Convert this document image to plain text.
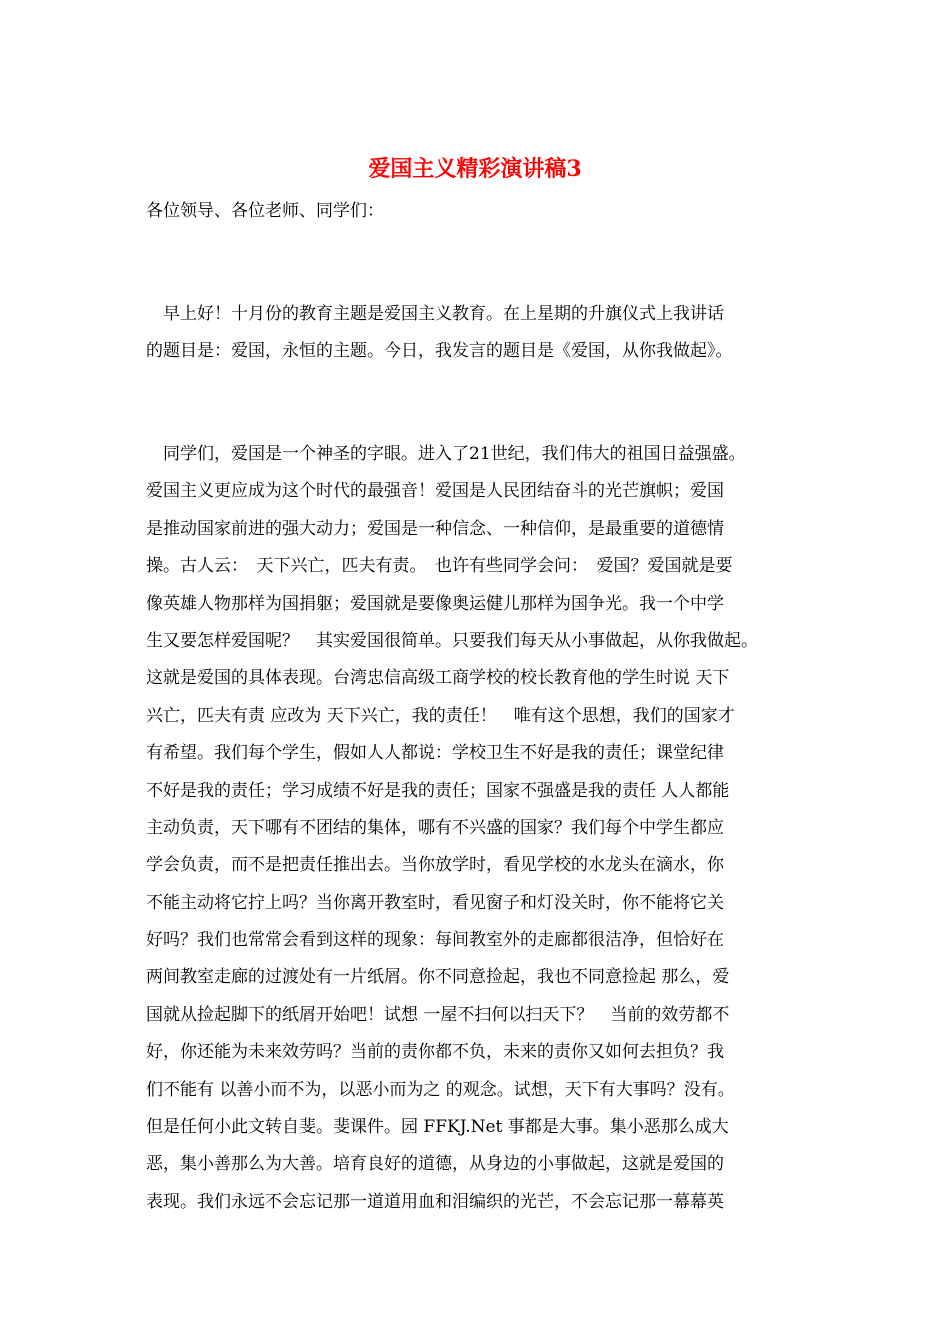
爱国主义精彩演讲稿3

各位领导、各位老师、同学们：

　早上好！十月份的教育主题是爱国主义教育。在上星期的升旗仪式上我讲话
的题目是：爱国，永恒的主题。今日，我发言的题目是《爱国，从你我做起》。
　同学们，爱国是一个神圣的字眼。进入了21世纪，我们伟大的祖国日益强盛。
爱国主义更应成为这个时代的最强音！爱国是人民团结奋斗的光芒旗帜；爱国
是推动国家前进的强大动力；爱国是一种信念、一种信仰，是最重要的道德情
操。古人云：　天下兴亡，匹夫有责。　也许有些同学会问：　爱国？爱国就是要
像英雄人物那样为国捐躯；爱国就是要像奥运健儿那样为国争光。我一个中学
生又要怎样爱国呢？　其实爱国很简单。只要我们每天从小事做起，从你我做起。
这就是爱国的具体表现。台湾忠信高级工商学校的校长教育他的学生时说 天下
兴亡，匹夫有责 应改为 天下兴亡，我的责任！　唯有这个思想，我们的国家才
有希望。我们每个学生，假如人人都说：学校卫生不好是我的责任；课堂纪律
不好是我的责任；学习成绩不好是我的责任；国家不强盛是我的责任 人人都能
主动负责，天下哪有不团结的集体，哪有不兴盛的国家？我们每个中学生都应
学会负责，而不是把责任推出去。当你放学时，看见学校的水龙头在滴水，你
不能主动将它拧上吗？当你离开教室时，看见窗子和灯没关时，你不能将它关
好吗？我们也常常会看到这样的现象：每间教室外的走廊都很洁净，但恰好在
两间教室走廊的过渡处有一片纸屑。你不同意捡起，我也不同意捡起 那么，爱
国就从捡起脚下的纸屑开始吧！试想 一屋不扫何以扫天下？　当前的效劳都不
好，你还能为未来效劳吗？当前的责你都不负，未来的责你又如何去担负？我
们不能有 以善小而不为，以恶小而为之 的观念。试想，天下有大事吗？没有。
但是任何小此文转自斐。斐课件。园 FFKJ.Net 事都是大事。集小恶那么成大
恶，集小善那么为大善。培育良好的道德，从身边的小事做起，这就是爱国的
表现。我们永远不会忘记那一道道用血和泪编织的光芒，不会忘记那一幕幕英
